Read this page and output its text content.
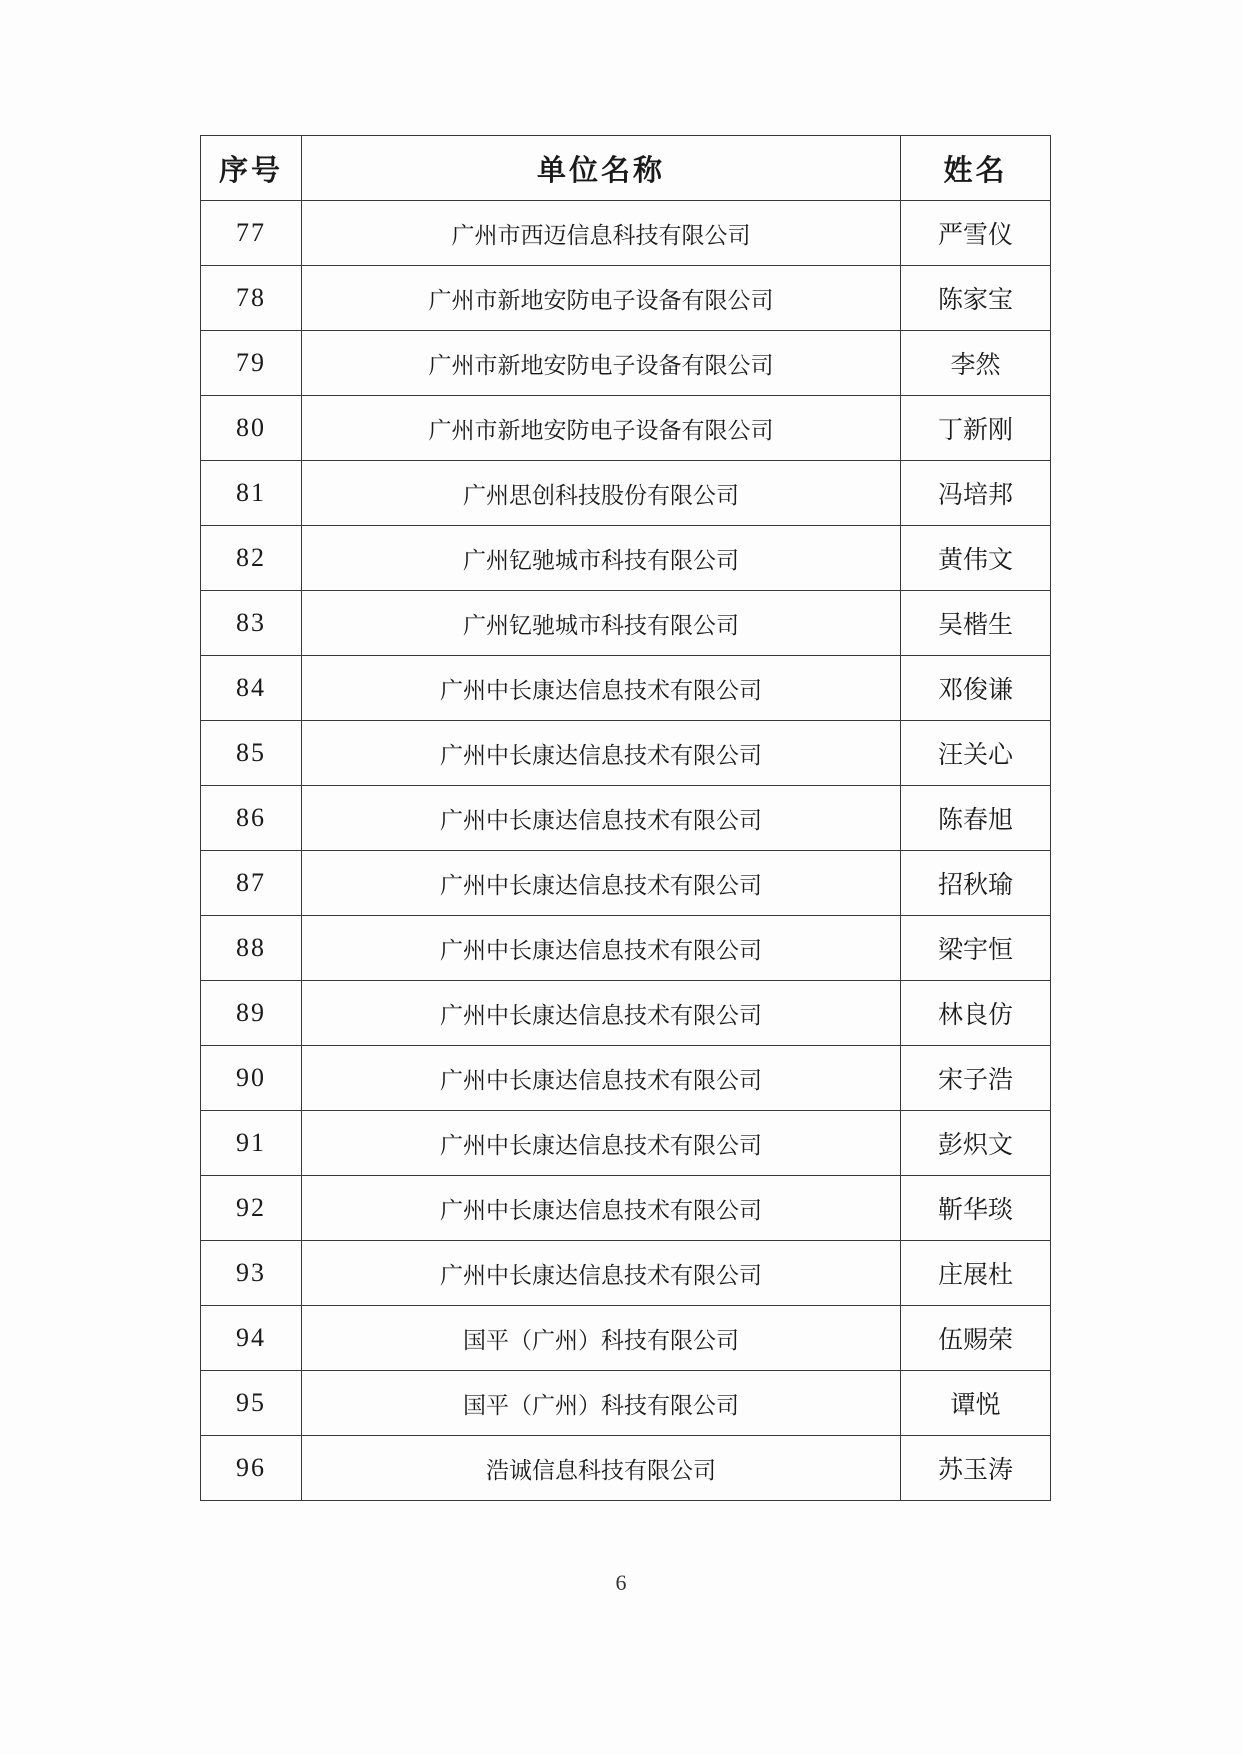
序号	单位名称	姓名
77	广州市西迈信息科技有限公司	严雪仪
78	广州市新地安防电子设备有限公司	陈家宝
79	广州市新地安防电子设备有限公司	李然
80	广州市新地安防电子设备有限公司	丁新刚
81	广州思创科技股份有限公司	冯培邦
82	广州钇驰城市科技有限公司	黄伟文
83	广州钇驰城市科技有限公司	吴楷生
84	广州中长康达信息技术有限公司	邓俊谦
85	广州中长康达信息技术有限公司	汪关心
86	广州中长康达信息技术有限公司	陈春旭
87	广州中长康达信息技术有限公司	招秋瑜
88	广州中长康达信息技术有限公司	梁宇恒
89	广州中长康达信息技术有限公司	林良仿
90	广州中长康达信息技术有限公司	宋子浩
91	广州中长康达信息技术有限公司	彭炽文
92	广州中长康达信息技术有限公司	靳华琰
93	广州中长康达信息技术有限公司	庄展杜
94	国平（广州）科技有限公司	伍赐荣
95	国平（广州）科技有限公司	谭悦
96	浩诚信息科技有限公司	苏玉涛
6
